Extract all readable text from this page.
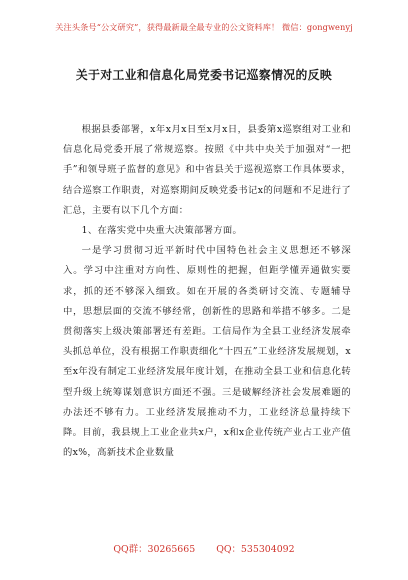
关注头条号“公文研究”，获得最新最全最专业的公文资料库！ 微信：gongwenyj
关于对工业和信息化局党委书记巡察情况的反映

根据县委部署，x年x月x日至x月x日，县委第x巡察组对工业和信息化局党委开展了常规巡察。按照《中共中央关于加强对“一把手”和领导班子监督的意见》和中省县关于巡视巡察工作具体要求，结合巡察工作职责，对巡察期间反映党委书记x的问题和不足进行了汇总，主要有以下几个方面：

1、在落实党中央重大决策部署方面。

一是学习贯彻习近平新时代中国特色社会主义思想还不够深入。学习中注重对方向性、原则性的把握，但距学懂弄通做实要求，抓的还不够深入细致。如在开展的各类研讨交流、专题辅导中，思想层面的交流不够经常，创新性的思路和举措不够多。二是贯彻落实上级决策部署还有差距。工信局作为全县工业经济发展牵头抓总单位，没有根据工作职责细化“十四五”工业经济发展规划，x至x年没有制定工业经济发展年度计划，在推动全县工业和信息化转型升级上统筹谋划意识方面还不强。三是破解经济社会发展难题的办法还不够有力。工业经济发展推动不力，工业经济总量持续下降。目前，我县规上工业企业共x户，x和x企业传统产业占工业产值的x%，高新技术企业数量

QQ群：30265665 QQ：535304092
